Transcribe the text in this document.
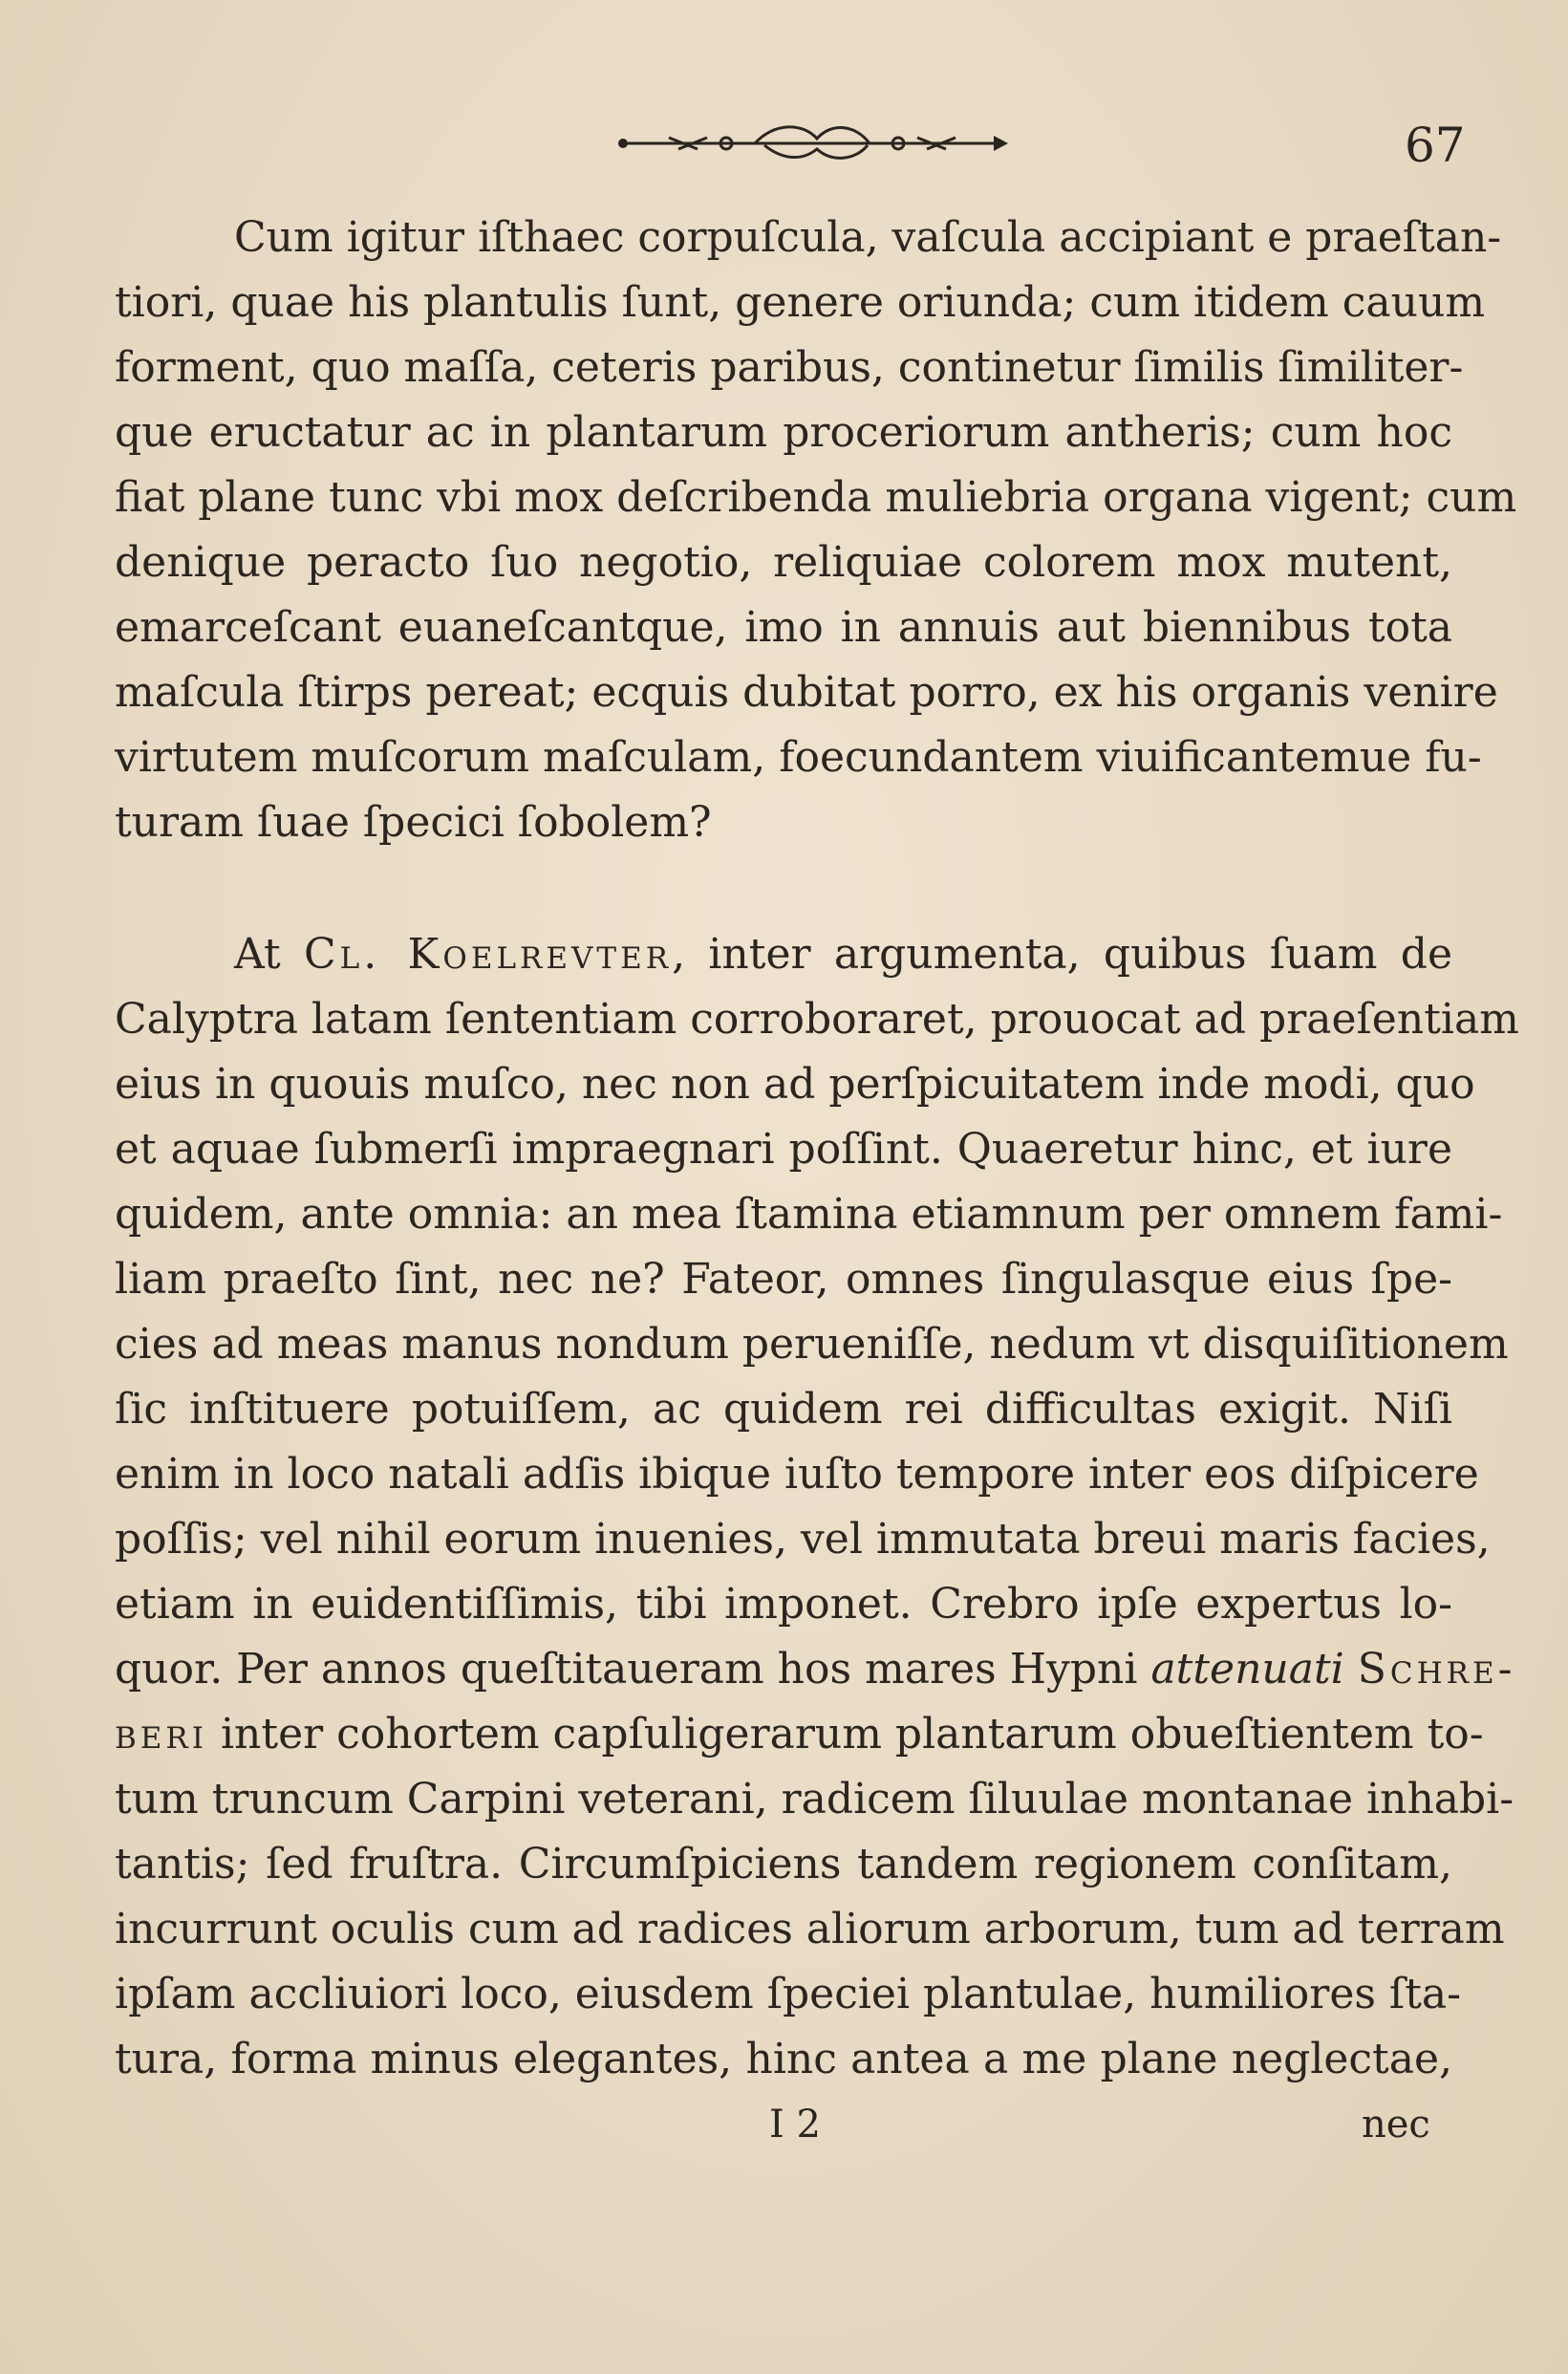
67
Cum igitur iſthaec corpuſcula, vaſcula accipiant e praeſtan-
tiori, quae his plantulis ſunt, genere oriunda; cum itidem cauum
forment, quo maſſa, ceteris paribus, continetur ſimilis ſimiliter-
que eructatur ac in plantarum proceriorum antheris; cum hoc
fiat plane tunc vbi mox deſcribenda muliebria organa vigent; cum
denique peracto ſuo negotio, reliquiae colorem mox mutent,
emarceſcant euaneſcantque, imo in annuis aut biennibus tota
maſcula ſtirps pereat; ecquis dubitat porro, ex his organis venire
virtutem muſcorum maſculam, foecundantem viuificantemue fu-
turam ſuae ſpecici ſobolem?
At Cl. Koelrevter, inter argumenta, quibus ſuam de
Calyptra latam ſententiam corroboraret, prouocat ad praeſentiam
eius in quouis muſco, nec non ad perſpicuitatem inde modi, quo
et aquae ſubmerſi impraegnari poſſint. Quaeretur hinc, et iure
quidem, ante omnia: an mea ſtamina etiamnum per omnem fami-
liam praeſto ſint, nec ne? Fateor, omnes ſingulasque eius ſpe-
cies ad meas manus nondum perueniſſe, nedum vt disquiſitionem
ſic inſtituere potuiſſem, ac quidem rei difficultas exigit. Niſi
enim in loco natali adſis ibique iuſto tempore inter eos diſpicere
poſſis; vel nihil eorum inuenies, vel immutata breui maris facies,
etiam in euidentiſſimis, tibi imponet. Crebro ipſe expertus lo-
quor. Per annos queſtitaueram hos mares Hypni attenuati Schre-
beri inter cohortem capſuligerarum plantarum obueſtientem to-
tum truncum Carpini veterani, radicem ſiluulae montanae inhabi-
tantis; ſed fruſtra. Circumſpiciens tandem regionem conſitam,
incurrunt oculis cum ad radices aliorum arborum, tum ad terram
ipſam accliuiori loco, eiusdem ſpeciei plantulae, humiliores ſta-
tura, forma minus elegantes, hinc antea a me plane neglectae,
I 2	nec
